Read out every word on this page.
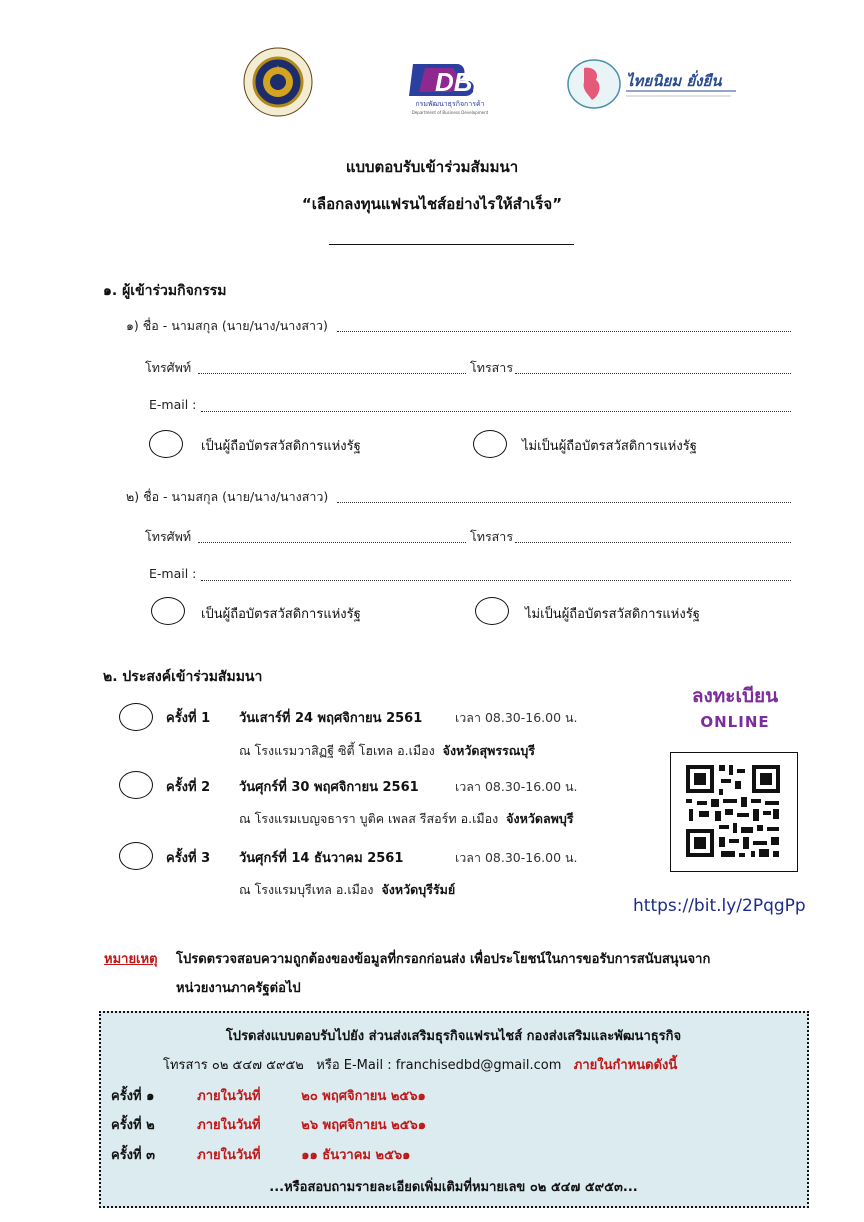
DBD
กรมพัฒนาธุรกิจการค้า
Department of Business Development
ไทยนิยม ยั่งยืน
แบบตอบรับเข้าร่วมสัมมนา
“เลือกลงทุนแฟรนไชส์อย่างไรให้สำเร็จ”
๑. ผู้เข้าร่วมกิจกรรม
๑) ชื่อ - นามสกุล (นาย/นาง/นางสาว)
โทรศัพท์	โทรสาร
E-mail :
เป็นผู้ถือบัตรสวัสดิการแห่งรัฐ	ไม่เป็นผู้ถือบัตรสวัสดิการแห่งรัฐ
๒) ชื่อ - นามสกุล (นาย/นาง/นางสาว)
โทรศัพท์	โทรสาร
E-mail :
เป็นผู้ถือบัตรสวัสดิการแห่งรัฐ	ไม่เป็นผู้ถือบัตรสวัสดิการแห่งรัฐ
๒. ประสงค์เข้าร่วมสัมมนา
ครั้งที่ 1 วันเสาร์ที่ 24 พฤศจิกายน 2561	เวลา 08.30-16.00 น.
ณ โรงแรมวาสิฏฐี ซิตี้ โฮเทล อ.เมือง จังหวัดสุพรรณบุรี
ครั้งที่ 2 วันศุกร์ที่ 30 พฤศจิกายน 2561	เวลา 08.30-16.00 น.
ณ โรงแรมเบญจธารา บูติค เพลส รีสอร์ท อ.เมือง จังหวัดลพบุรี
ครั้งที่ 3 วันศุกร์ที่ 14 ธันวาคม 2561	เวลา 08.30-16.00 น.
ณ โรงแรมบุรีเทล อ.เมือง จังหวัดบุรีรัมย์
ลงทะเบียน
ONLINE
https://bit.ly/2PqgPp
หมายเหตุ โปรดตรวจสอบความถูกต้องของข้อมูลที่กรอกก่อนส่ง เพื่อประโยชน์ในการขอรับการสนับสนุนจาก
หน่วยงานภาครัฐต่อไป
โปรดส่งแบบตอบรับไปยัง ส่วนส่งเสริมธุรกิจแฟรนไชส์ กองส่งเสริมและพัฒนาธุรกิจ
โทรสาร ๐๒ ๕๔๗ ๕๙๕๒ หรือ E-Mail : franchisedbd@gmail.com ภายในกำหนดดังนี้
ครั้งที่ ๑	ภายในวันที่	๒๐ พฤศจิกายน ๒๕๖๑
ครั้งที่ ๒	ภายในวันที่	๒๖ พฤศจิกายน ๒๕๖๑
ครั้งที่ ๓	ภายในวันที่	๑๑ ธันวาคม ๒๕๖๑
...หรือสอบถามรายละเอียดเพิ่มเติมที่หมายเลข ๐๒ ๕๔๗ ๕๙๕๓...
